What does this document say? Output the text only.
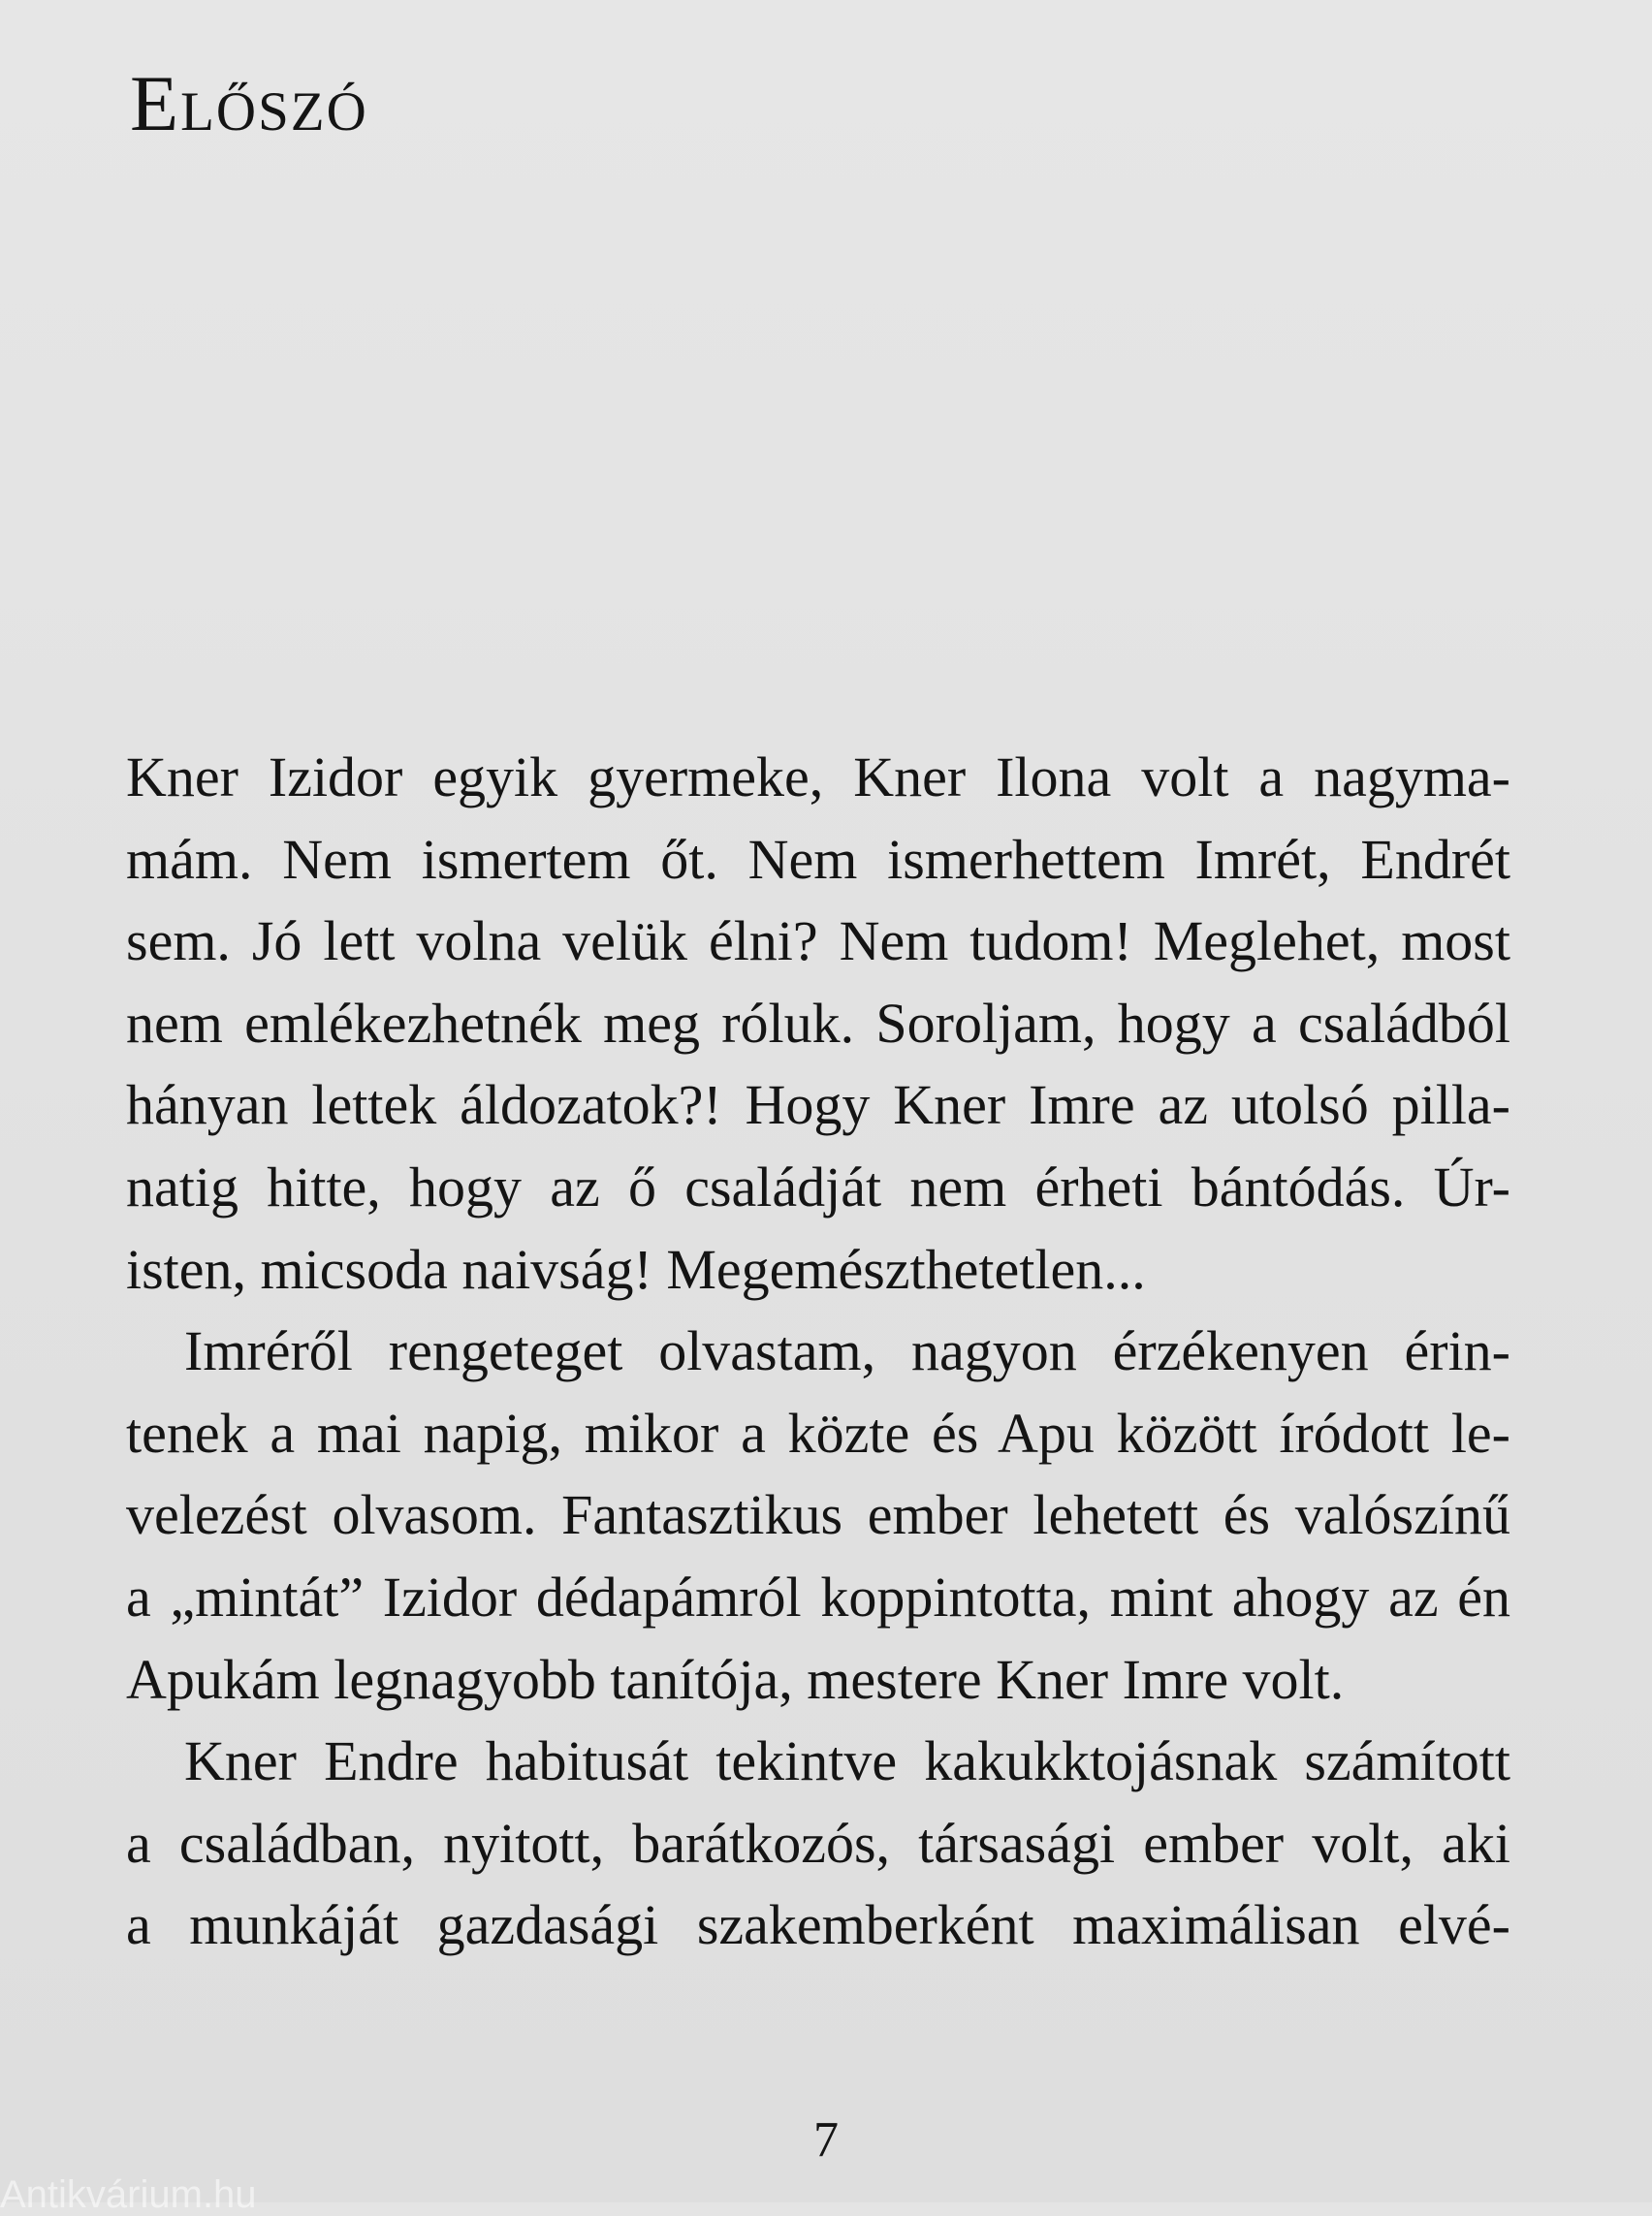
Előszó
Kner Izidor egyik gyermeke, Kner Ilona volt a nagyma-
mám. Nem ismertem őt. Nem ismerhettem Imrét, Endrét
sem. Jó lett volna velük élni? Nem tudom! Meglehet, most
nem emlékezhetnék meg róluk. Soroljam, hogy a családból
hányan lettek áldozatok?! Hogy Kner Imre az utolsó pilla-
natig hitte, hogy az ő családját nem érheti bántódás. Úr-
isten, micsoda naivság! Megemészthetetlen...
Imréről rengeteget olvastam, nagyon érzékenyen érin-
tenek a mai napig, mikor a közte és Apu között íródott le-
velezést olvasom. Fantasztikus ember lehetett és valószínű
a „mintát” Izidor dédapámról koppintotta, mint ahogy az én
Apukám legnagyobb tanítója, mestere Kner Imre volt.
Kner Endre habitusát tekintve kakukktojásnak számított
a családban, nyitott, barátkozós, társasági ember volt, aki
a munkáját gazdasági szakemberként maximálisan elvé-
7
Antikvárium.hu
